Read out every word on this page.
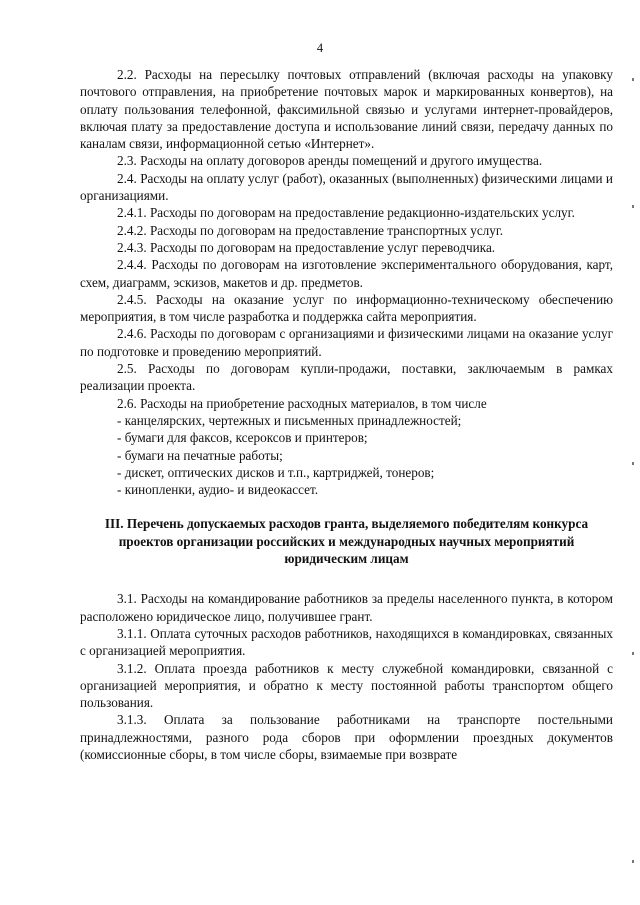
4

2.2. Расходы на пересылку почтовых отправлений (включая расходы на упаковку почтового отправления, на приобретение почтовых марок и маркированных конвертов), на оплату пользования телефонной, факсимильной связью и услугами интернет-провайдеров, включая плату за предоставление доступа и использование линий связи, передачу данных по каналам связи, информационной сетью «Интернет».

2.3. Расходы на оплату договоров аренды помещений и другого имущества.

2.4. Расходы на оплату услуг (работ), оказанных (выполненных) физическими лицами и организациями.

2.4.1. Расходы по договорам на предоставление редакционно-издательских услуг.

2.4.2. Расходы по договорам на предоставление транспортных услуг.

2.4.3. Расходы по договорам на предоставление услуг переводчика.

2.4.4. Расходы по договорам на изготовление экспериментального оборудования, карт, схем, диаграмм, эскизов, макетов и др. предметов.

2.4.5. Расходы на оказание услуг по информационно-техническому обеспечению мероприятия, в том числе разработка и поддержка сайта мероприятия.

2.4.6. Расходы по договорам с организациями и физическими лицами на оказание услуг по подготовке и проведению мероприятий.

2.5. Расходы по договорам купли-продажи, поставки, заключаемым в рамках реализации проекта.

2.6. Расходы на приобретение расходных материалов, в том числе

- канцелярских, чертежных и письменных принадлежностей;

- бумаги для факсов, ксероксов и принтеров;

- бумаги на печатные работы;

- дискет, оптических дисков и т.п., картриджей, тонеров;

- кинопленки, аудио- и видеокассет.

III. Перечень допускаемых расходов гранта, выделяемого победителям конкурса проектов организации российских и международных научных мероприятий юридическим лицам

3.1. Расходы на командирование работников за пределы населенного пункта, в котором расположено юридическое лицо, получившее грант.

3.1.1. Оплата суточных расходов работников, находящихся в командировках, связанных с организацией мероприятия.

3.1.2. Оплата проезда работников к месту служебной командировки, связанной с организацией мероприятия, и обратно к месту постоянной работы транспортом общего пользования.

3.1.3. Оплата за пользование работниками на транспорте постельными принадлежностями, разного рода сборов при оформлении проездных документов (комиссионные сборы, в том числе сборы, взимаемые при возврате
